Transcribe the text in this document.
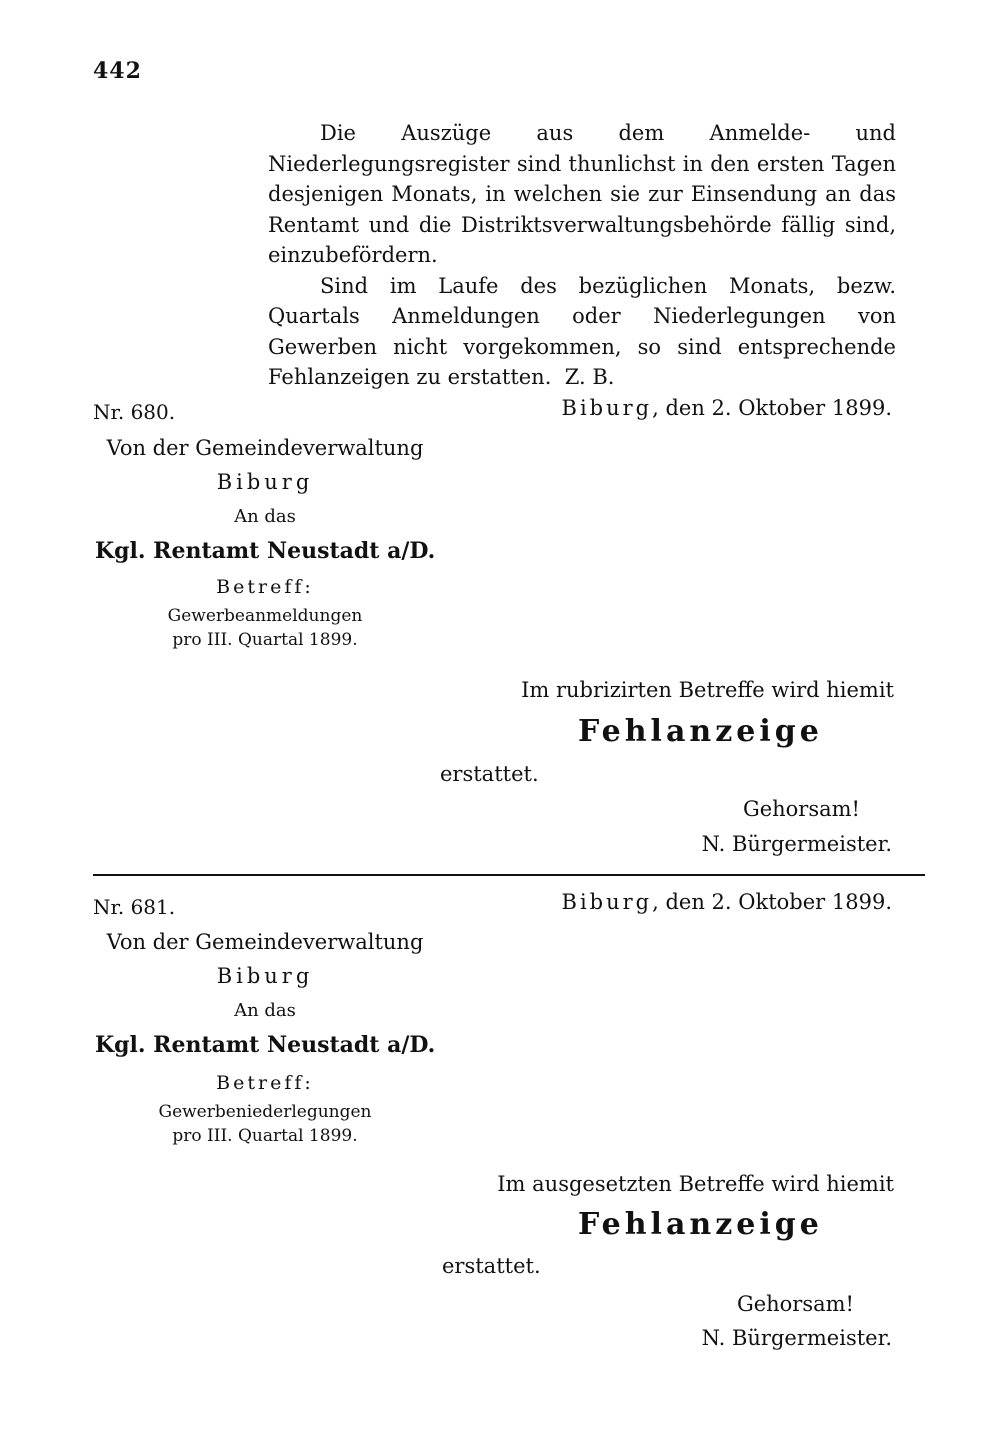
442

Die Auszüge aus dem Anmelde- und Niederlegungsregister sind thunlichst in den ersten Tagen desjenigen Monats, in welchen sie zur Einsendung an das Rentamt und die Distriktsverwaltungsbehörde fällig sind, einzubefördern.

Sind im Laufe des bezüglichen Monats, bezw. Quartals Anmeldungen oder Niederlegungen von Gewerben nicht vorgekommen, so sind entsprechende Fehlanzeigen zu erstatten. Z. B.

Nr. 680.	Biburg, den 2. Oktober 1899.
Von der Gemeindeverwaltung
Biburg
An das
Kgl. Rentamt Neustadt a/D.
Betreff:
Gewerbeanmeldungen
pro III. Quartal 1899.
Im rubrizirten Betreffe wird hiemit
Fehlanzeige
erstattet.
Gehorsam!
N. Bürgermeister.
Nr. 681.	Biburg, den 2. Oktober 1899.
Von der Gemeindeverwaltung
Biburg
An das
Kgl. Rentamt Neustadt a/D.
Betreff:
Gewerbeniederlegungen
pro III. Quartal 1899.
Im ausgesetzten Betreffe wird hiemit
Fehlanzeige
erstattet.
Gehorsam!
N. Bürgermeister.
